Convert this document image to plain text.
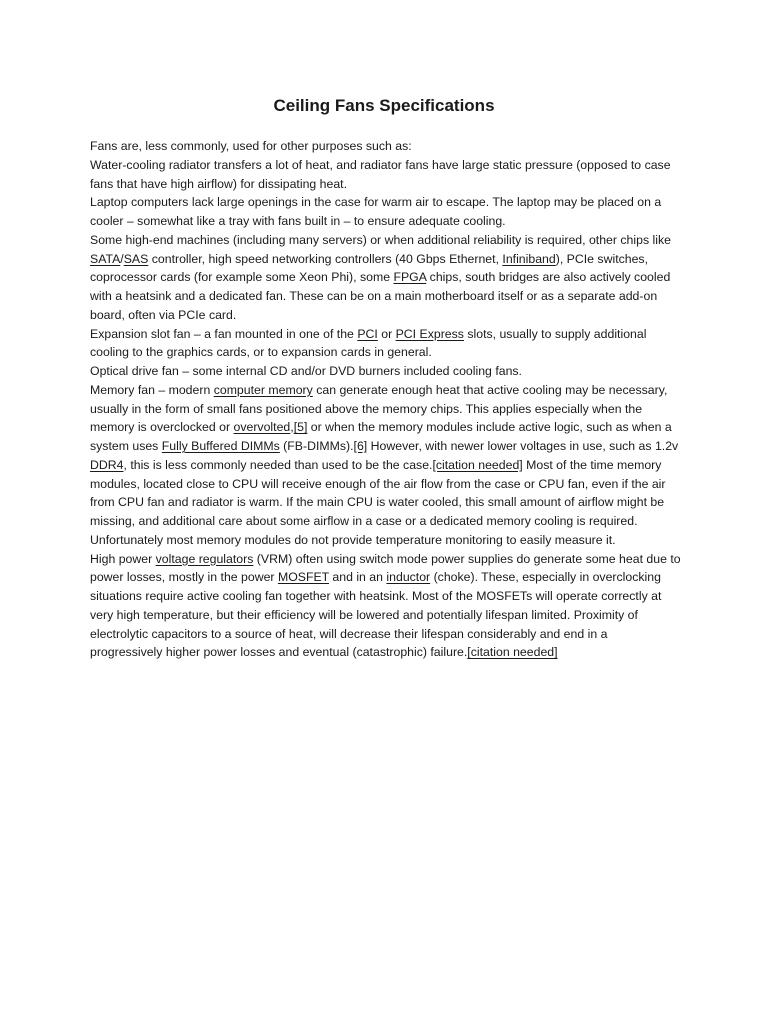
Ceiling Fans Specifications

Fans are, less commonly, used for other purposes such as:

Water-cooling radiator transfers a lot of heat, and radiator fans have large static pressure (opposed to case fans that have high airflow) for dissipating heat.

Laptop computers lack large openings in the case for warm air to escape. The laptop may be placed on a cooler – somewhat like a tray with fans built in – to ensure adequate cooling.

Some high-end machines (including many servers) or when additional reliability is required, other chips like SATA/SAS controller, high speed networking controllers (40 Gbps Ethernet, Infiniband), PCIe switches, coprocessor cards (for example some Xeon Phi), some FPGA chips, south bridges are also actively cooled with a heatsink and a dedicated fan. These can be on a main motherboard itself or as a separate add-on board, often via PCIe card.

Expansion slot fan – a fan mounted in one of the PCI or PCI Express slots, usually to supply additional cooling to the graphics cards, or to expansion cards in general.

Optical drive fan – some internal CD and/or DVD burners included cooling fans.

Memory fan – modern computer memory can generate enough heat that active cooling may be necessary, usually in the form of small fans positioned above the memory chips. This applies especially when the memory is overclocked or overvolted,[5] or when the memory modules include active logic, such as when a system uses Fully Buffered DIMMs (FB-DIMMs).[6] However, with newer lower voltages in use, such as 1.2v DDR4, this is less commonly needed than used to be the case.[citation needed] Most of the time memory modules, located close to CPU will receive enough of the air flow from the case or CPU fan, even if the air from CPU fan and radiator is warm. If the main CPU is water cooled, this small amount of airflow might be missing, and additional care about some airflow in a case or a dedicated memory cooling is required. Unfortunately most memory modules do not provide temperature monitoring to easily measure it.

High power voltage regulators (VRM) often using switch mode power supplies do generate some heat due to power losses, mostly in the power MOSFET and in an inductor (choke). These, especially in overclocking situations require active cooling fan together with heatsink. Most of the MOSFETs will operate correctly at very high temperature, but their efficiency will be lowered and potentially lifespan limited. Proximity of electrolytic capacitors to a source of heat, will decrease their lifespan considerably and end in a progressively higher power losses and eventual (catastrophic) failure.[citation needed]
